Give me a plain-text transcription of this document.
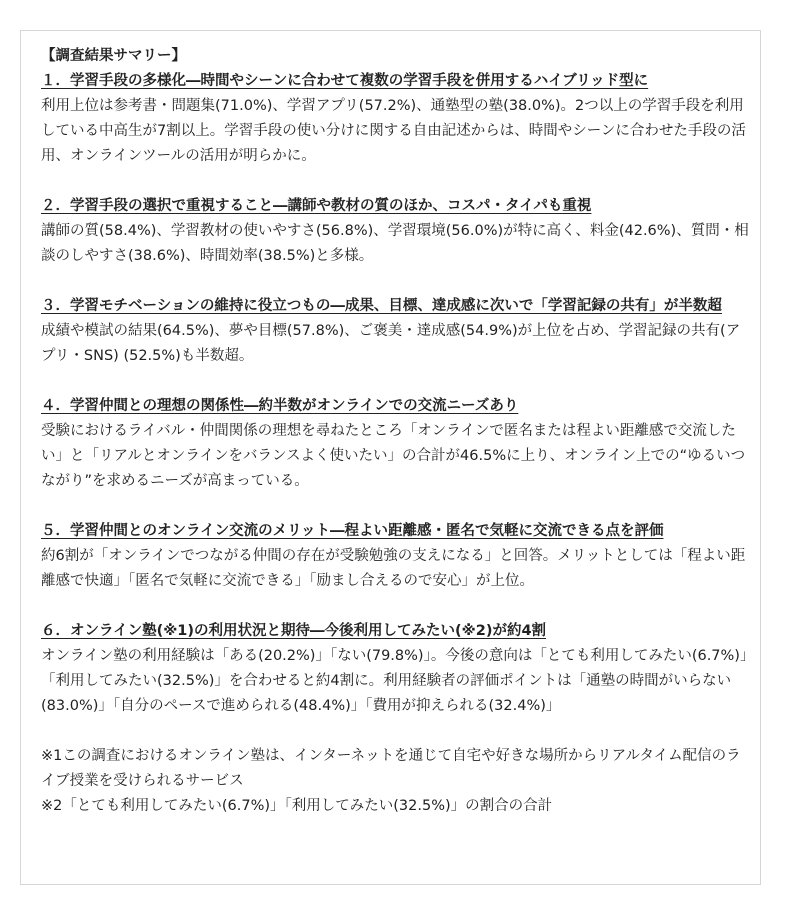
【調査結果サマリー】

１．学習手段の多様化―時間やシーンに合わせて複数の学習手段を併用するハイブリッド型に

利用上位は参考書・問題集(71.0%)、学習アプリ(57.2%)、通塾型の塾(38.0%)。2つ以上の学習手段を利用している中高生が7割以上。学習手段の使い分けに関する自由記述からは、時間やシーンに合わせた手段の活用、オンラインツールの活用が明らかに。

２．学習手段の選択で重視すること―講師や教材の質のほか、コスパ・タイパも重視

講師の質(58.4%)、学習教材の使いやすさ(56.8%)、学習環境(56.0%)が特に高く、料金(42.6%)、質問・相談のしやすさ(38.6%)、時間効率(38.5%)と多様。

３．学習モチベーションの維持に役立つもの―成果、目標、達成感に次いで「学習記録の共有」が半数超

成績や模試の結果(64.5%)、夢や目標(57.8%)、ご褒美・達成感(54.9%)が上位を占め、学習記録の共有(アプリ・SNS) (52.5%)も半数超。

４．学習仲間との理想の関係性―約半数がオンラインでの交流ニーズあり

受験におけるライバル・仲間関係の理想を尋ねたところ「オンラインで匿名または程よい距離感で交流したい」と「リアルとオンラインをバランスよく使いたい」の合計が46.5%に上り、オンライン上での“ゆるいつながり”を求めるニーズが高まっている。

５．学習仲間とのオンライン交流のメリット―程よい距離感・匿名で気軽に交流できる点を評価

約6割が「オンラインでつながる仲間の存在が受験勉強の支えになる」と回答。メリットとしては「程よい距離感で快適」「匿名で気軽に交流できる」「励まし合えるので安心」が上位。

６．オンライン塾(※1)の利用状況と期待―今後利用してみたい(※2)が約4割

オンライン塾の利用経験は「ある(20.2%)」「ない(79.8%)」。今後の意向は「とても利用してみたい(6.7%)」「利用してみたい(32.5%)」を合わせると約4割に。利用経験者の評価ポイントは「通塾の時間がいらない(83.0%)」「自分のペースで進められる(48.4%)」「費用が抑えられる(32.4%)」

※1この調査におけるオンライン塾は、インターネットを通じて自宅や好きな場所からリアルタイム配信のライブ授業を受けられるサービス

※2「とても利用してみたい(6.7%)」「利用してみたい(32.5%)」の割合の合計
